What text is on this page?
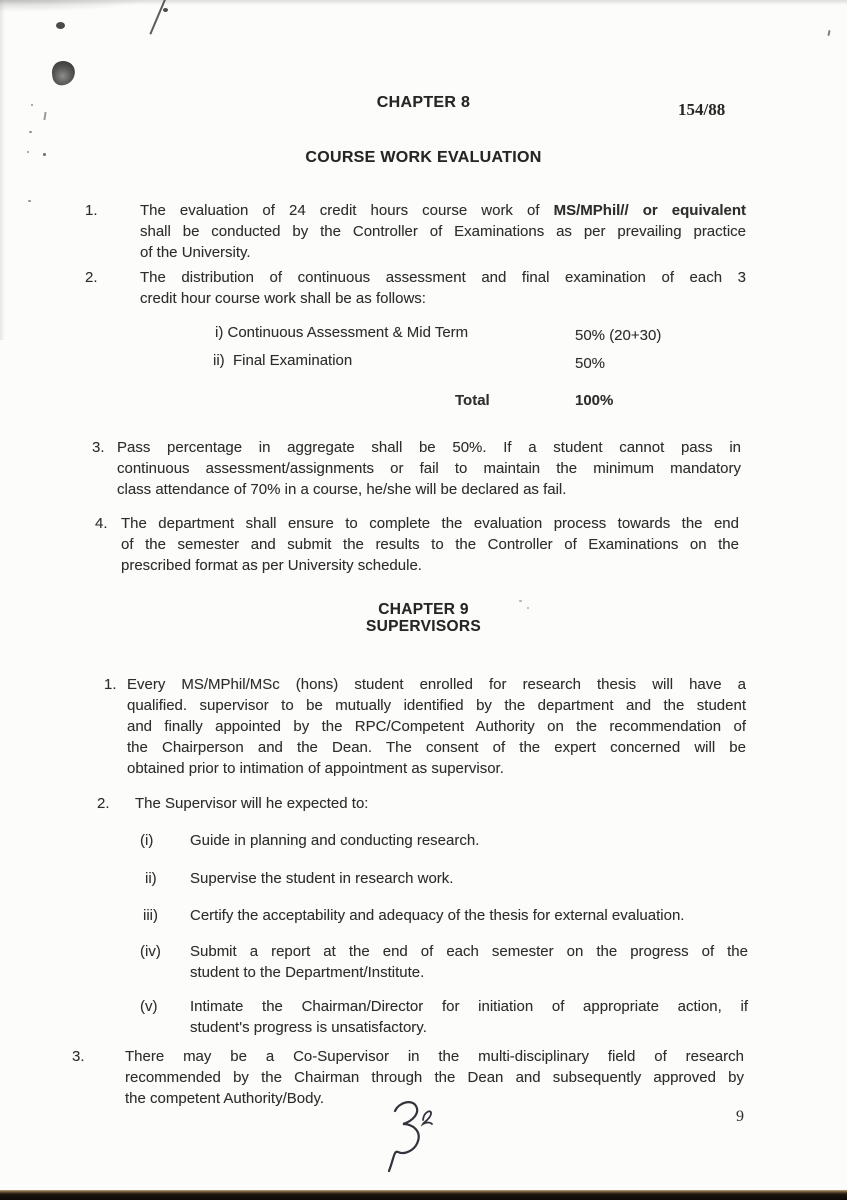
CHAPTER 8	154/88
COURSE WORK EVALUATION
1.	The evaluation of 24 credit hours course work of MS/MPhil// or equivalent
shall be conducted by the Controller of Examinations as per prevailing practice
of the University.
2.	The distribution of continuous assessment and final examination of each 3
credit hour course work shall be as follows:
i) Continuous Assessment & Mid Term	50% (20+30)
ii)  Final Examination	50%
Total	100%
3. Pass percentage in aggregate shall be 50%. If a student cannot pass in
continuous assessment/assignments or fail to maintain the minimum mandatory
class attendance of 70% in a course, he/she will be declared as fail.
4. The department shall ensure to complete the evaluation process towards the end
of the semester and submit the results to the Controller of Examinations on the
prescribed format as per University schedule.
CHAPTER 9
SUPERVISORS
1. Every MS/MPhil/MSc (hons) student enrolled for research thesis will have a
qualified. supervisor to be mutually identified by the department and the student
and finally appointed by the RPC/Competent Authority on the recommendation of
the Chairperson and the Dean. The consent of the expert concerned will be
obtained prior to intimation of appointment as supervisor.
2. The Supervisor will he expected to:
(i) Guide in planning and conducting research.
ii) Supervise the student in research work.
iii) Certify the acceptability and adequacy of the thesis for external evaluation.
(iv) Submit a report at the end of each semester on the progress of the
student to the Department/Institute.
(v) Intimate the Chairman/Director for initiation of appropriate action, if
student's progress is unsatisfactory.
3.	There may be a Co-Supervisor in the multi-disciplinary field of research
recommended by the Chairman through the Dean and subsequently approved by
the competent Authority/Body.
9
